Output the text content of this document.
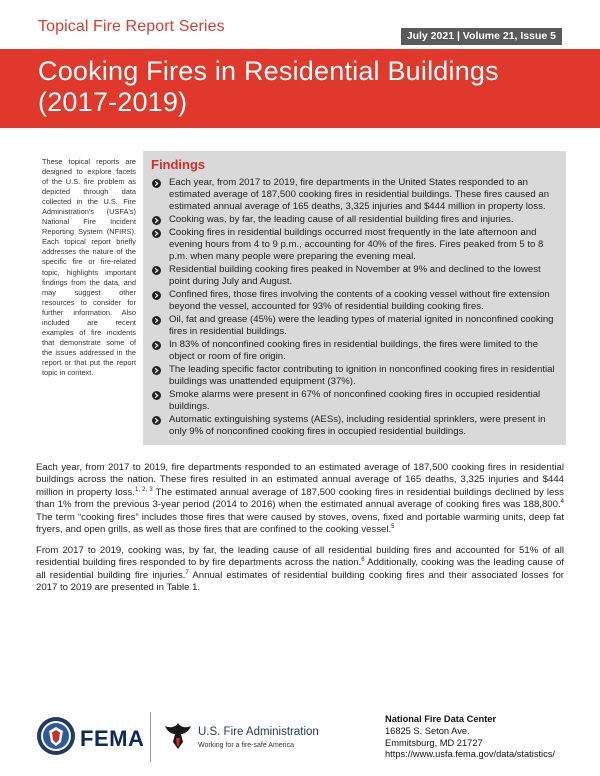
Topical Fire Report Series
July 2021 | Volume 21, Issue 5
Cooking Fires in Residential Buildings
(2017-2019)
These topical reports are designed to explore facets of the U.S. fire problem as depicted through data collected in the U.S. Fire Administration's (USFA's) National Fire Incident Reporting System (NFIRS). Each topical report briefly addresses the nature of the specific fire or fire-related topic, highlights important findings from the data, and may suggest other resources to consider for further information. Also included are recent examples of fire incidents that demonstrate some of the issues addressed in the report or that put the report topic in context.
Findings
Each year, from 2017 to 2019, fire departments in the United States responded to an estimated average of 187,500 cooking fires in residential buildings. These fires caused an estimated annual average of 165 deaths, 3,325 injuries and $444 million in property loss.
Cooking was, by far, the leading cause of all residential building fires and injuries.
Cooking fires in residential buildings occurred most frequently in the late afternoon and evening hours from 4 to 9 p.m., accounting for 40% of the fires. Fires peaked from 5 to 8 p.m. when many people were preparing the evening meal.
Residential building cooking fires peaked in November at 9% and declined to the lowest point during July and August.
Confined fires, those fires involving the contents of a cooking vessel without fire extension beyond the vessel, accounted for 93% of residential building cooking fires.
Oil, fat and grease (45%) were the leading types of material ignited in nonconfined cooking fires in residential buildings.
In 83% of nonconfined cooking fires in residential buildings, the fires were limited to the object or room of fire origin.
The leading specific factor contributing to ignition in nonconfined cooking fires in residential buildings was unattended equipment (37%).
Smoke alarms were present in 67% of nonconfined cooking fires in occupied residential buildings.
Automatic extinguishing systems (AESs), including residential sprinklers, were present in only 9% of nonconfined cooking fires in occupied residential buildings.

Each year, from 2017 to 2019, fire departments responded to an estimated average of 187,500 cooking fires in residential buildings across the nation. These fires resulted in an estimated annual average of 165 deaths, 3,325 injuries and $444 million in property loss.$^{1, 2, 3}$ The estimated annual average of 187,500 cooking fires in residential buildings declined by less than 1% from the previous 3-year period (2014 to 2016) when the estimated annual average of cooking fires was 188,800.$^4$ The term “cooking fires” includes those fires that were caused by stoves, ovens, fixed and portable warming units, deep fat fryers, and open grills, as well as those fires that are confined to the cooking vessel.$^5$

From 2017 to 2019, cooking was, by far, the leading cause of all residential building fires and accounted for 51% of all residential building fires responded to by fire departments across the nation.$^6$ Additionally, cooking was the leading cause of all residential building fire injuries.$^7$ Annual estimates of residential building cooking fires and their associated losses for 2017 to 2019 are presented in Table 1.

FEMA	U.S. Fire Administration
Working for a fire-safe America
National Fire Data Center
16825 S. Seton Ave.
Emmitsburg, MD 21727
https://www.usfa.fema.gov/data/statistics/
